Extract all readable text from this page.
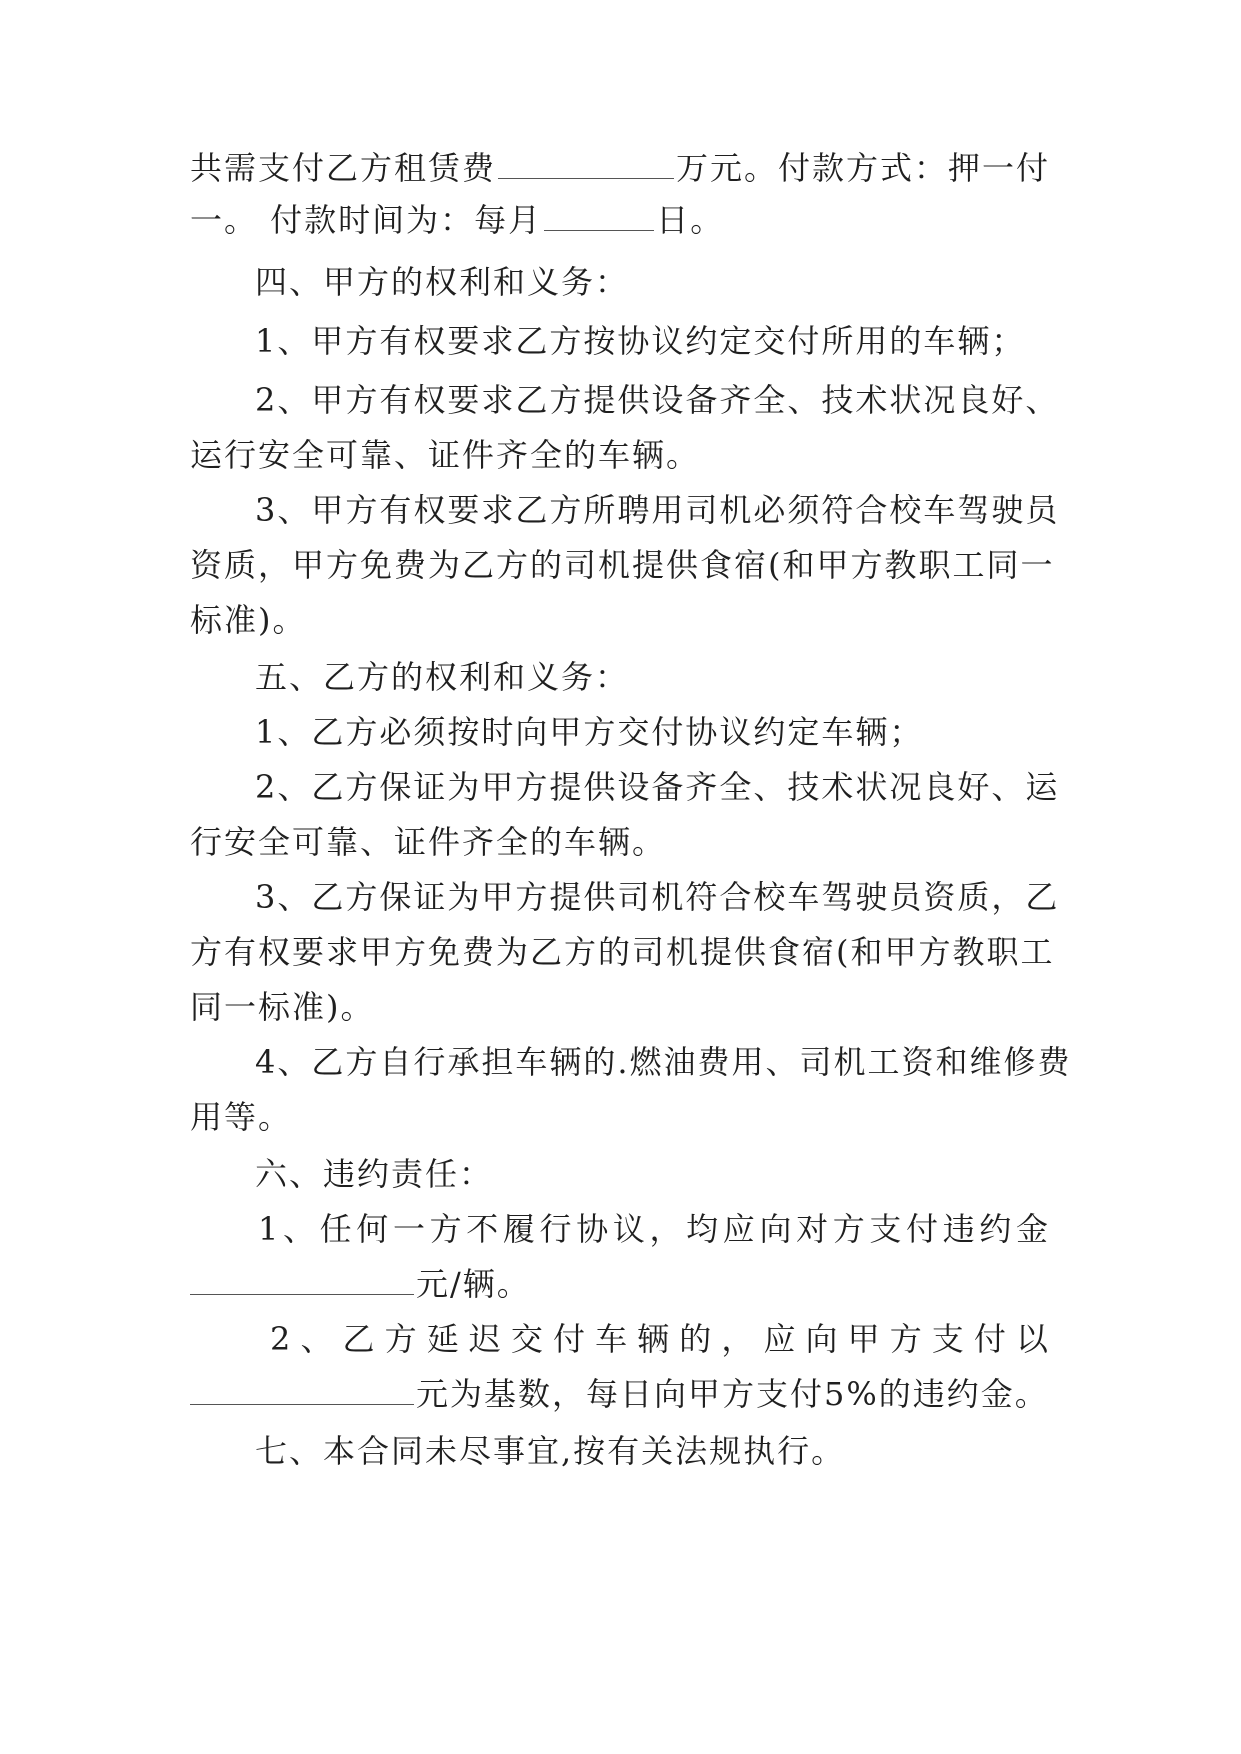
共需支付乙方租赁费	万元。付款方式：押一付
一。 付款时间为：每月	日。
四、甲方的权利和义务：
1、甲方有权要求乙方按协议约定交付所用的车辆；
2、甲方有权要求乙方提供设备齐全、技术状况良好、
运行安全可靠、证件齐全的车辆。
3、甲方有权要求乙方所聘用司机必须符合校车驾驶员
资质，甲方免费为乙方的司机提供食宿(和甲方教职工同一
标准)。
五、乙方的权利和义务：
1、乙方必须按时向甲方交付协议约定车辆；
2、乙方保证为甲方提供设备齐全、技术状况良好、运
行安全可靠、证件齐全的车辆。
3、乙方保证为甲方提供司机符合校车驾驶员资质，乙
方有权要求甲方免费为乙方的司机提供食宿(和甲方教职工
同一标准)。
4、乙方自行承担车辆的.燃油费用、司机工资和维修费
用等。
六、违约责任：
1、任何一方不履行协议，均应向对方支付违约金
元/辆。
2、乙方延迟交付车辆的，应向甲方支付以
元为基数，每日向甲方支付5%的违约金。
七、本合同未尽事宜,按有关法规执行。
